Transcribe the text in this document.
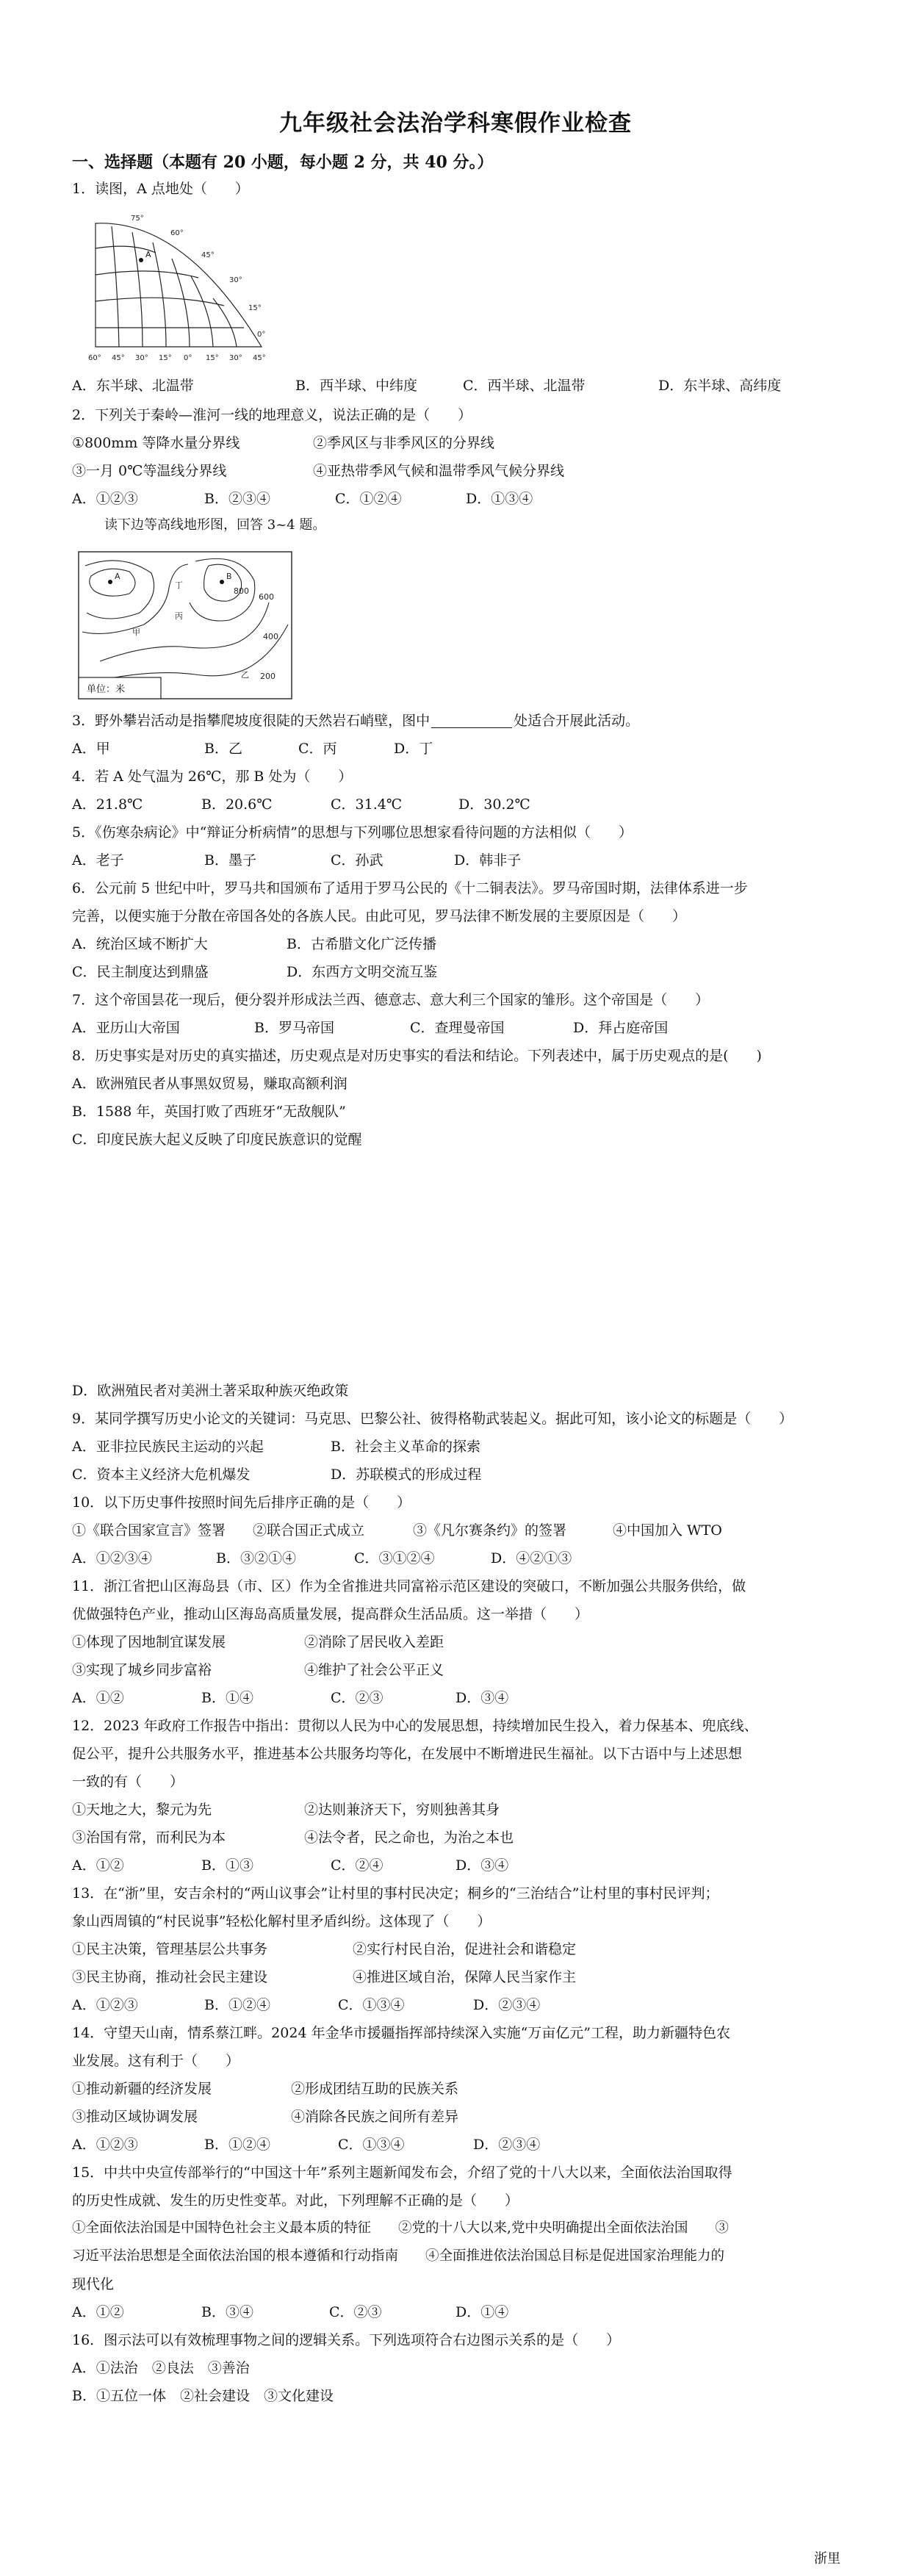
九年级社会法治学科寒假作业检查
一、选择题（本题有 20 小题，每小题 2 分，共 40 分。）
1．读图，A 点地处（　　）
A
75°
60°
45°
30°
15°
0°
60° 45° 30° 15° 0° 15° 30° 45°
A．东半球、北温带	B．西半球、中纬度	C．西半球、北温带	D．东半球、高纬度
2．下列关于秦岭—淮河一线的地理意义，说法正确的是（　　）
①800mm 等降水量分界线	②季风区与非季风区的分界线
③一月 0℃等温线分界线	④亚热带季风气候和温带季风气候分界线
A．①②③	B．②③④	C．①②④	D．①③④
读下边等高线地形图，回答 3~4 题。
丁
甲
丙
乙
A	B
800
600
400
200
单位：米
3．野外攀岩活动是指攀爬坡度很陡的天然岩石峭壁，图中	处适合开展此活动。
A．甲	B．乙	C．丙	D．丁
4．若 A 处气温为 26℃，那 B 处为（　　）
A．21.8℃	B．20.6℃	C．31.4℃	D．30.2℃
5．《伤寒杂病论》中“辩证分析病情”的思想与下列哪位思想家看待问题的方法相似（　　）
A．老子	B．墨子	C．孙武	D．韩非子
6．公元前 5 世纪中叶，罗马共和国颁布了适用于罗马公民的《十二铜表法》。罗马帝国时期，法律体系进一步
完善，以便实施于分散在帝国各处的各族人民。由此可见，罗马法律不断发展的主要原因是（　　）
A．统治区域不断扩大	B．古希腊文化广泛传播
C．民主制度达到鼎盛	D．东西方文明交流互鉴
7．这个帝国昙花一现后，便分裂并形成法兰西、德意志、意大利三个国家的雏形。这个帝国是（　　）
A．亚历山大帝国	B．罗马帝国	C．查理曼帝国	D．拜占庭帝国
8．历史事实是对历史的真实描述，历史观点是对历史事实的看法和结论。下列表述中，属于历史观点的是(　　)
A．欧洲殖民者从事黑奴贸易，赚取高额利润
B．1588 年，英国打败了西班牙“无敌舰队”
C．印度民族大起义反映了印度民族意识的觉醒
D．欧洲殖民者对美洲土著采取种族灭绝政策
9．某同学撰写历史小论文的关键词：马克思、巴黎公社、彼得格勒武装起义。据此可知，该小论文的标题是（　　）
A．亚非拉民族民主运动的兴起	B．社会主义革命的探索
C．资本主义经济大危机爆发	D．苏联模式的形成过程
10．以下历史事件按照时间先后排序正确的是（　　）
①《联合国家宣言》签署 ②联合国正式成立	③《凡尔赛条约》的签署	④中国加入 WTO
A．①②③④	B．③②①④	C．③①②④	D．④②①③
11．浙江省把山区海岛县（市、区）作为全省推进共同富裕示范区建设的突破口，不断加强公共服务供给，做
优做强特色产业，推动山区海岛高质量发展，提高群众生活品质。这一举措（　　）
①体现了因地制宜谋发展	②消除了居民收入差距
③实现了城乡同步富裕	④维护了社会公平正义
A．①②	B．①④	C．②③	D．③④
12．2023 年政府工作报告中指出：贯彻以人民为中心的发展思想，持续增加民生投入，着力保基本、兜底线、
促公平，提升公共服务水平，推进基本公共服务均等化，在发展中不断增进民生福祉。以下古语中与上述思想
一致的有（　　）
①天地之大，黎元为先	②达则兼济天下，穷则独善其身
③治国有常，而利民为本	④法令者，民之命也，为治之本也
A．①②	B．①③	C．②④	D．③④
13．在“浙”里，安吉余村的“两山议事会”让村里的事村民决定；桐乡的“三治结合”让村里的事村民评判；
象山西周镇的“村民说事”轻松化解村里矛盾纠纷。这体现了（　　）
①民主决策，管理基层公共事务	②实行村民自治，促进社会和谐稳定
③民主协商，推动社会民主建设	④推进区域自治，保障人民当家作主
A．①②③	B．①②④	C．①③④	D．②③④
14．守望天山南，情系蔡江畔。2024 年金华市援疆指挥部持续深入实施“万亩亿元”工程，助力新疆特色农
业发展。这有利于（　　）
①推动新疆的经济发展	②形成团结互助的民族关系
③推动区域协调发展	④消除各民族之间所有差异
A．①②③	B．①②④	C．①③④	D．②③④
15．中共中央宣传部举行的“中国这十年”系列主题新闻发布会，介绍了党的十八大以来，全面依法治国取得
的历史性成就、发生的历史性变革。对此，下列理解不正确的是（　　）
①全面依法治国是中国特色社会主义最本质的特征　　②党的十八大以来,党中央明确提出全面依法治国　　③
习近平法治思想是全面依法治国的根本遵循和行动指南　　④全面推进依法治国总目标是促进国家治理能力的
现代化
A．①②	B．③④	C．②③	D．①④
16．图示法可以有效梳理事物之间的逻辑关系。下列选项符合右边图示关系的是（　　）
A．①法治　②良法　③善治
B．①五位一体　②社会建设　③文化建设
浙里
